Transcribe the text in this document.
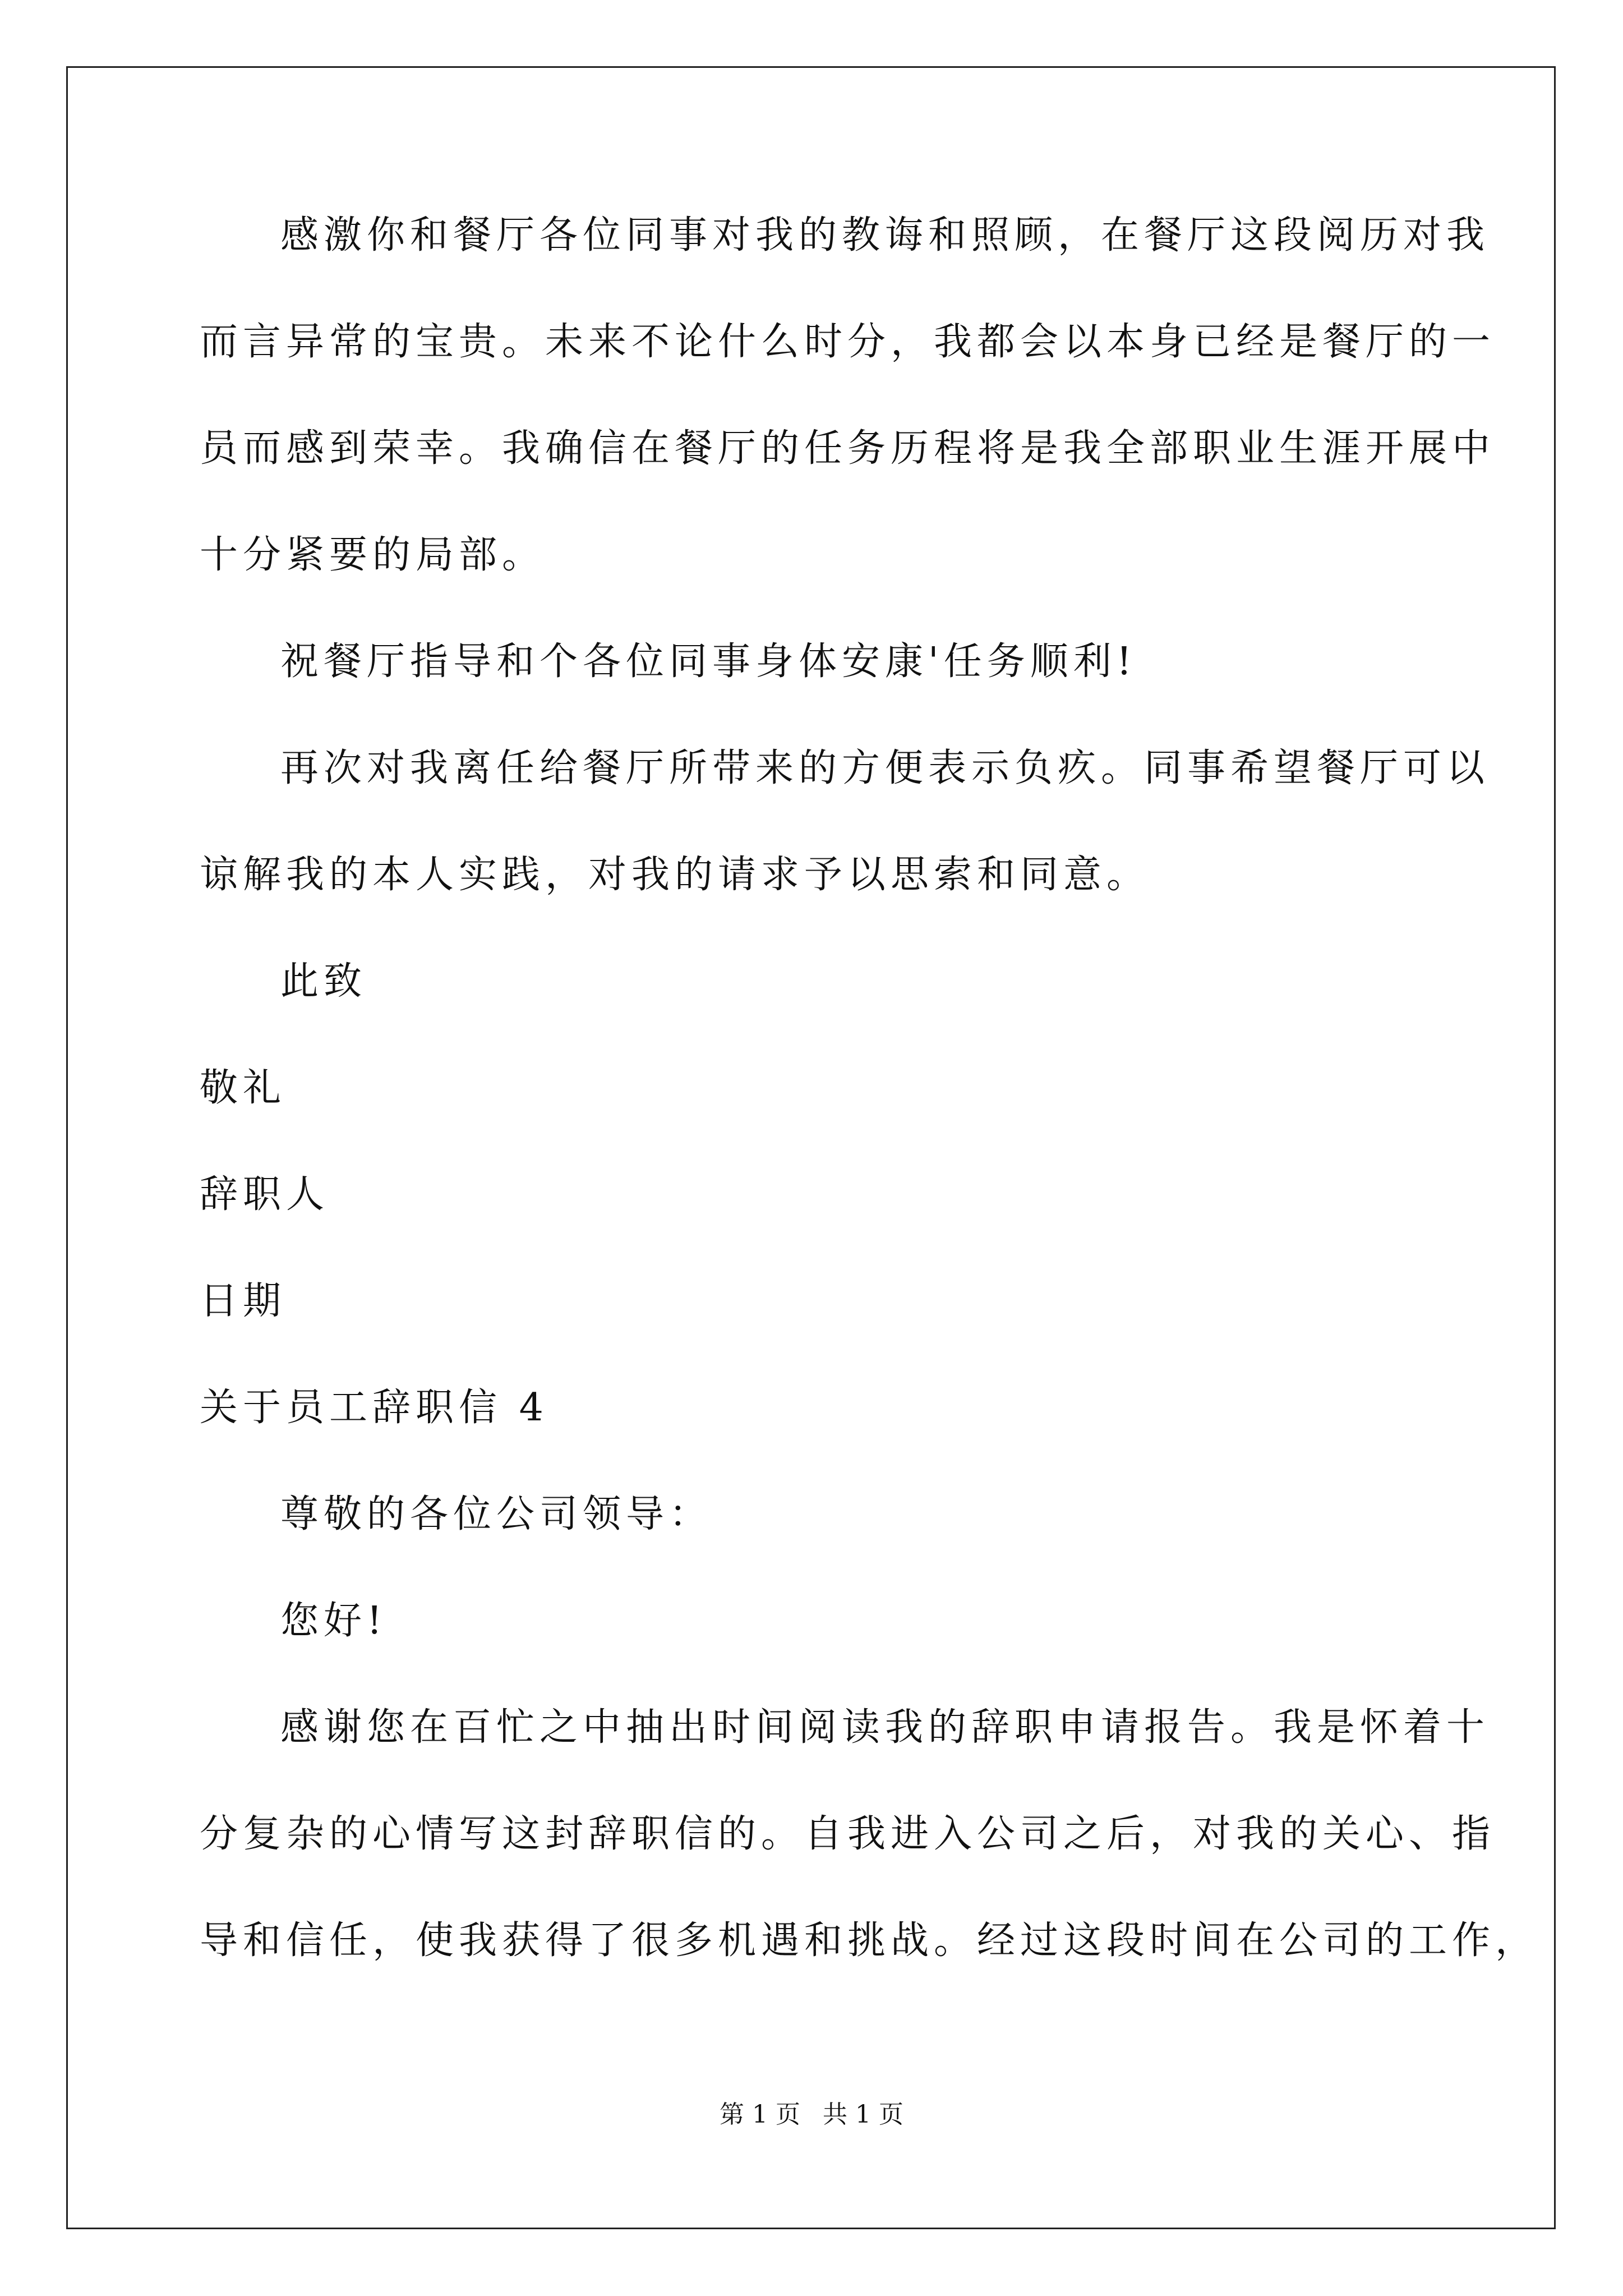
感激你和餐厅各位同事对我的教诲和照顾，在餐厅这段阅历对我
而言异常的宝贵。未来不论什么时分，我都会以本身已经是餐厅的一
员而感到荣幸。我确信在餐厅的任务历程将是我全部职业生涯开展中
十分紧要的局部。
祝餐厅指导和个各位同事身体安康'任务顺利!
再次对我离任给餐厅所带来的方便表示负疚。同事希望餐厅可以
谅解我的本人实践，对我的请求予以思索和同意。
此致
敬礼
辞职人
日期
关于员工辞职信 4
尊敬的各位公司领导：
您好!
感谢您在百忙之中抽出时间阅读我的辞职申请报告。我是怀着十
分复杂的心情写这封辞职信的。自我进入公司之后，对我的关心、指
导和信任，使我获得了很多机遇和挑战。经过这段时间在公司的工作，
第 1 页 共 1 页
